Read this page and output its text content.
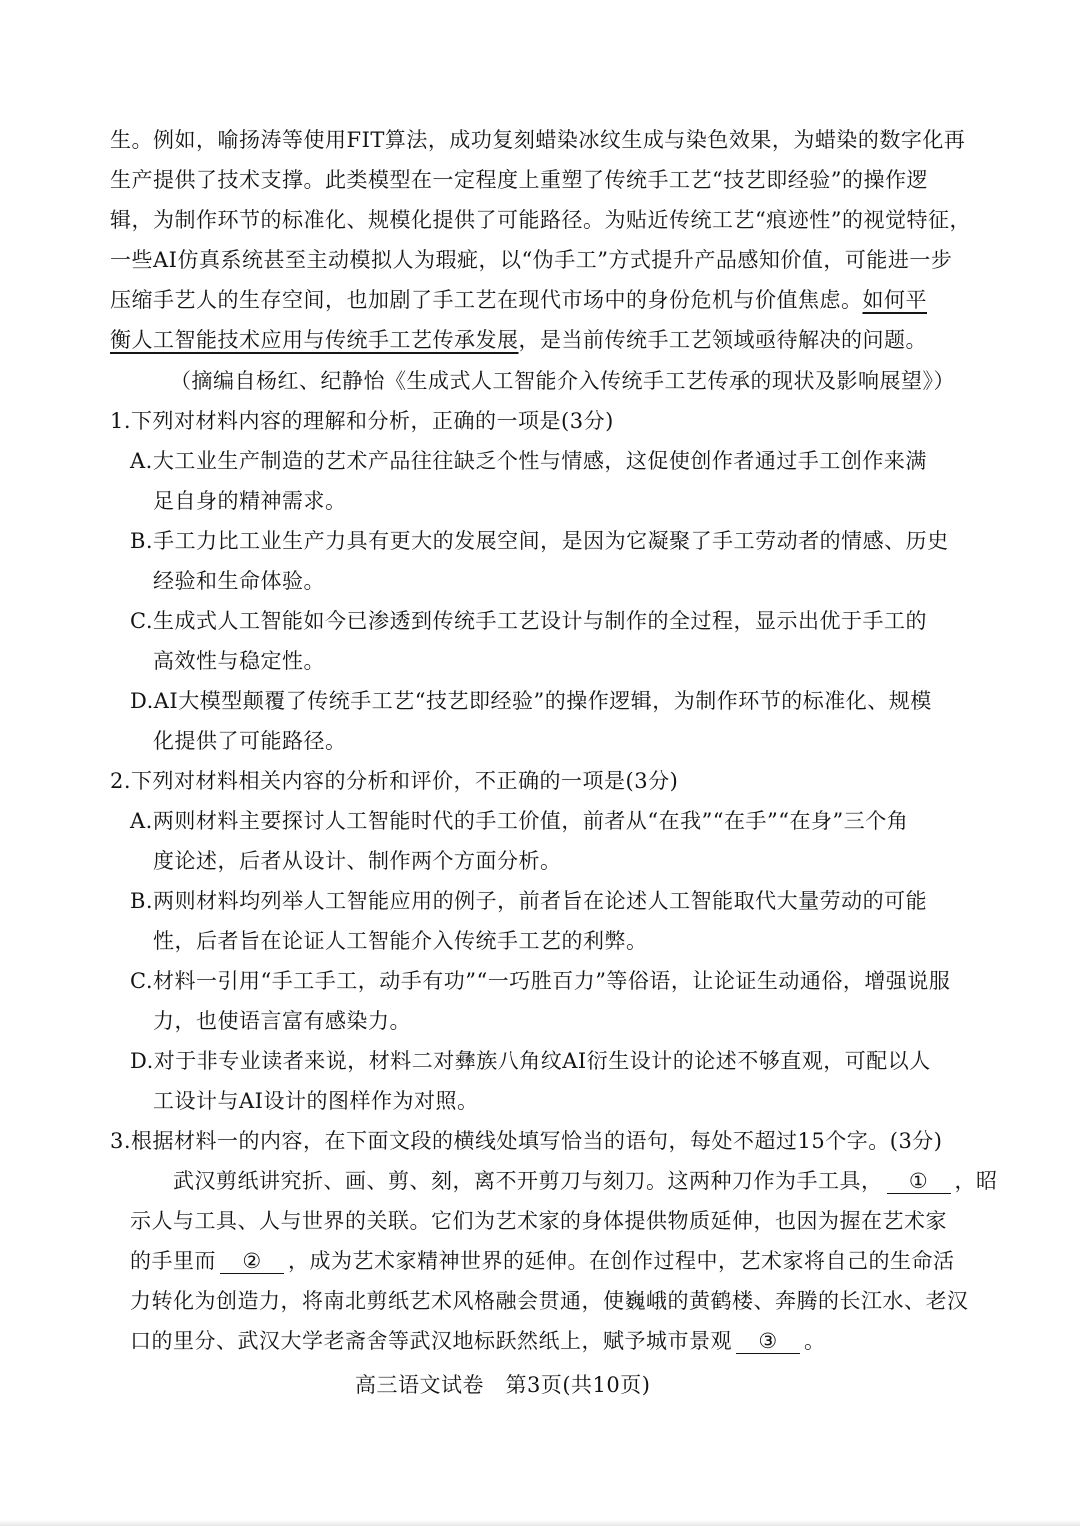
生。例如，喻扬涛等使用FIT算法，成功复刻蜡染冰纹生成与染色效果，为蜡染的数字化再
生产提供了技术支撑。此类模型在一定程度上重塑了传统手工艺“技艺即经验”的操作逻
辑，为制作环节的标准化、规模化提供了可能路径。为贴近传统工艺“痕迹性”的视觉特征，
一些AI仿真系统甚至主动模拟人为瑕疵，以“伪手工”方式提升产品感知价值，可能进一步
压缩手艺人的生存空间，也加剧了手工艺在现代市场中的身份危机与价值焦虑。如何平
衡人工智能技术应用与传统手工艺传承发展，是当前传统手工艺领域亟待解决的问题。
（摘编自杨红、纪静怡《生成式人工智能介入传统手工艺传承的现状及影响展望》）
1.下列对材料内容的理解和分析，正确的一项是(3分)
A.大工业生产制造的艺术产品往往缺乏个性与情感，这促使创作者通过手工创作来满
足自身的精神需求。
B.手工力比工业生产力具有更大的发展空间，是因为它凝聚了手工劳动者的情感、历史
经验和生命体验。
C.生成式人工智能如今已渗透到传统手工艺设计与制作的全过程，显示出优于手工的
高效性与稳定性。
D.AI大模型颠覆了传统手工艺“技艺即经验”的操作逻辑，为制作环节的标准化、规模
化提供了可能路径。
2.下列对材料相关内容的分析和评价，不正确的一项是(3分)
A.两则材料主要探讨人工智能时代的手工价值，前者从“在我”“在手”“在身”三个角
度论述，后者从设计、制作两个方面分析。
B.两则材料均列举人工智能应用的例子，前者旨在论述人工智能取代大量劳动的可能
性，后者旨在论证人工智能介入传统手工艺的利弊。
C.材料一引用“手工手工，动手有功”“一巧胜百力”等俗语，让论证生动通俗，增强说服
力，也使语言富有感染力。
D.对于非专业读者来说，材料二对彝族八角纹AI衍生设计的论述不够直观，可配以人
工设计与AI设计的图样作为对照。
3.根据材料一的内容，在下面文段的横线处填写恰当的语句，每处不超过15个字。(3分)
武汉剪纸讲究折、画、剪、刻，离不开剪刀与刻刀。这两种刀作为手工具， ① ，昭
示人与工具、人与世界的关联。它们为艺术家的身体提供物质延伸，也因为握在艺术家
的手里而 ② ，成为艺术家精神世界的延伸。在创作过程中，艺术家将自己的生命活
力转化为创造力，将南北剪纸艺术风格融会贯通，使巍峨的黄鹤楼、奔腾的长江水、老汉
口的里分、武汉大学老斋舍等武汉地标跃然纸上，赋予城市景观 ③ 。
高三语文试卷　第3页(共10页)
